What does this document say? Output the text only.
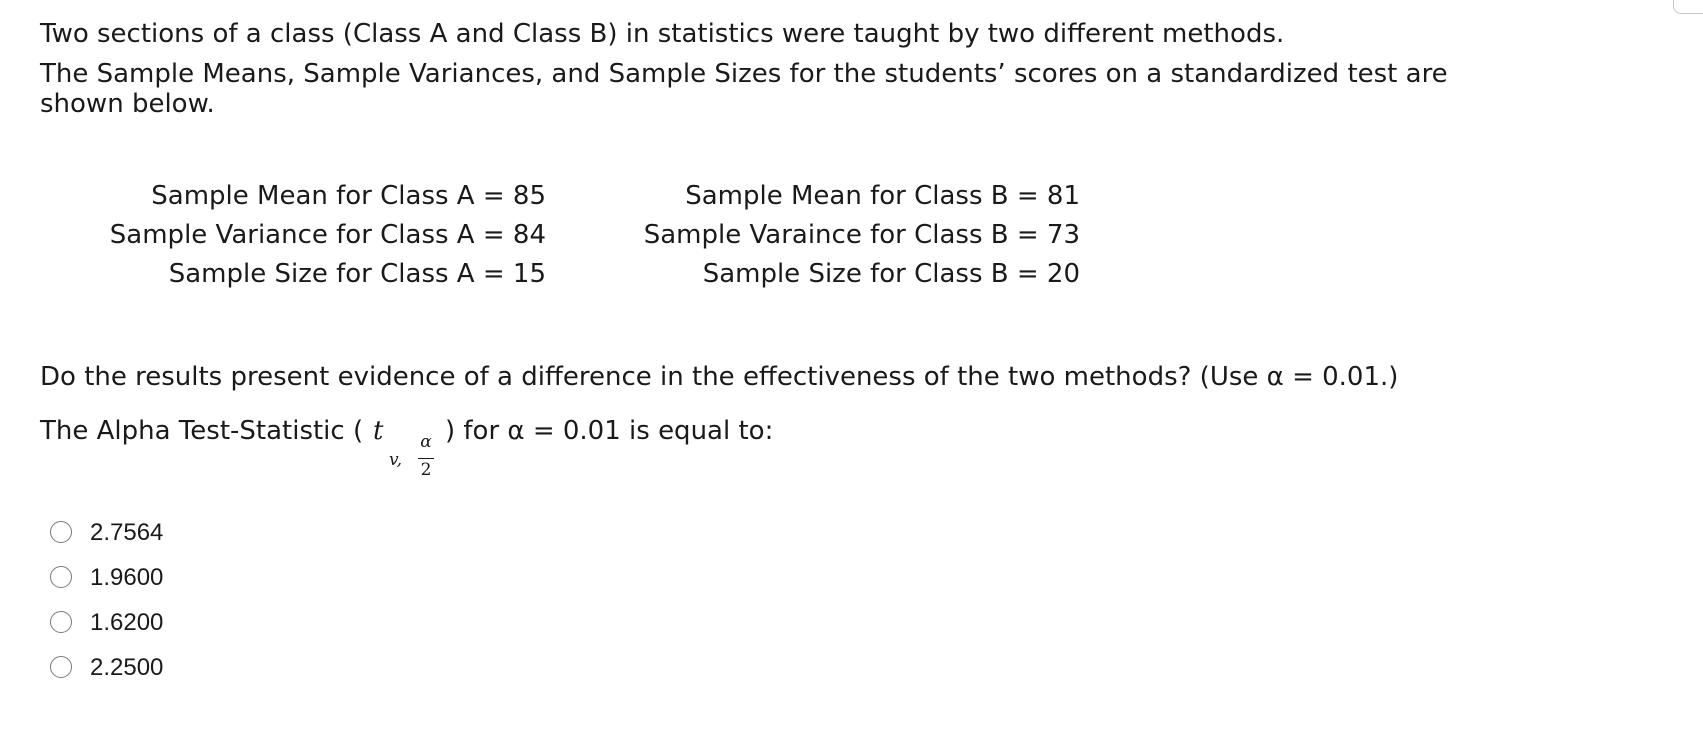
Two sections of a class (Class A and Class B) in statistics were taught by two different methods.
The Sample Means, Sample Variances, and Sample Sizes for the students’ scores on a standardized test are
shown below.
Sample Mean for Class A = 85	Sample Mean for Class B = 81
Sample Variance for Class A = 84	Sample Varaince for Class B = 73
Sample Size for Class A = 15	Sample Size for Class B = 20
Do the results present evidence of a difference in the effectiveness of the two methods? (Use α = 0.01.)
The Alpha Test-Statistic ( t
v,
α
2
) for α = 0.01 is equal to:
2.7564
1.9600
1.6200
2.2500
